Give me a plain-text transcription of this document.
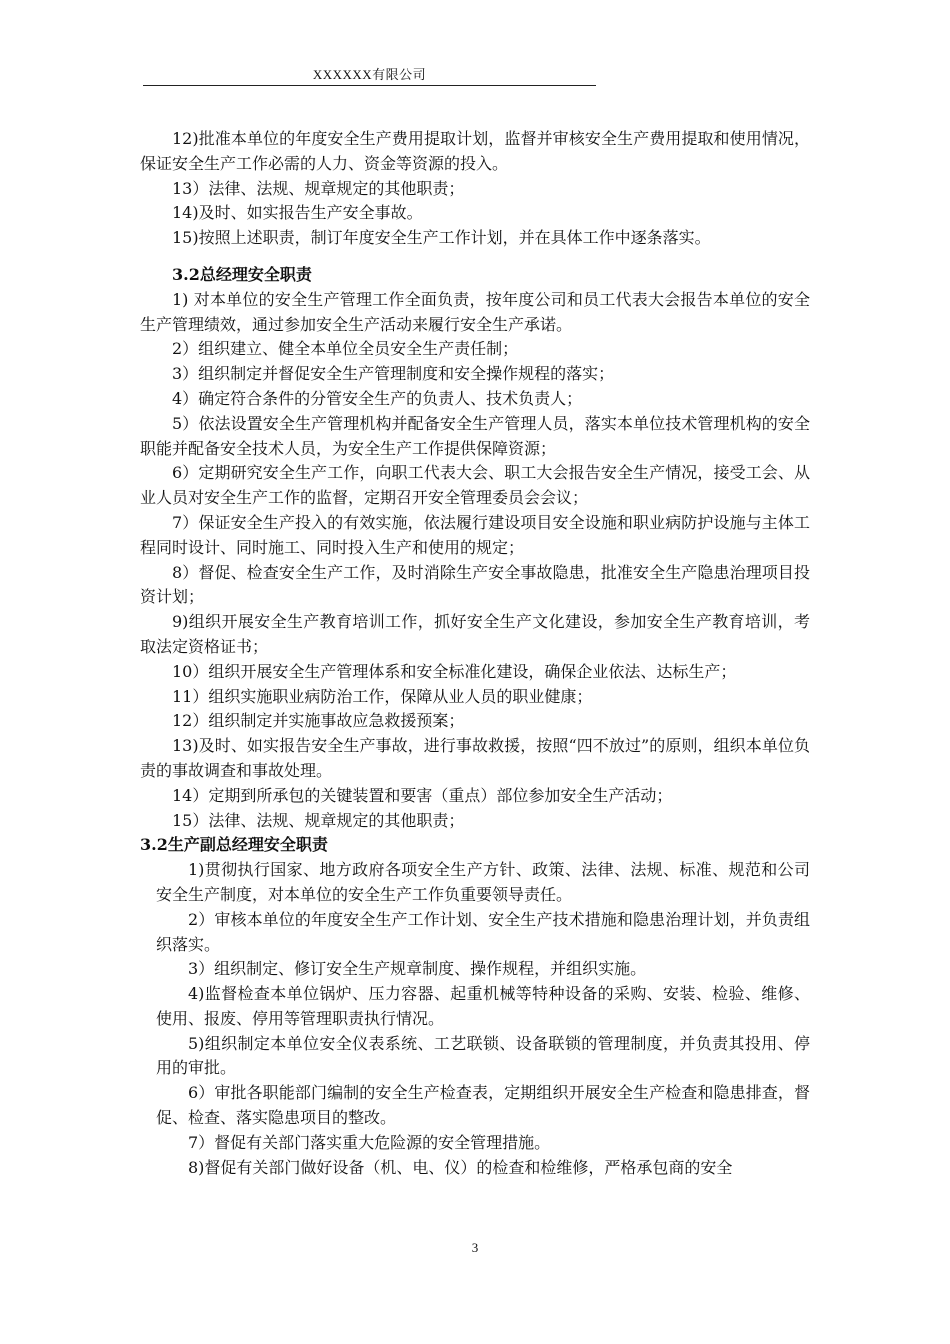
XXXXXX有限公司

12)批准本单位的年度安全生产费用提取计划，监督并审核安全生产费用提取和使用情况，保证安全生产工作必需的人力、资金等资源的投入。

13）法律、法规、规章规定的其他职责；

14)及时、如实报告生产安全事故。

15)按照上述职责，制订年度安全生产工作计划，并在具体工作中逐条落实。

3.2总经理安全职责

1) 对本单位的安全生产管理工作全面负责，按年度公司和员工代表大会报告本单位的安全生产管理绩效，通过参加安全生产活动来履行安全生产承诺。

2）组织建立、健全本单位全员安全生产责任制；

3）组织制定并督促安全生产管理制度和安全操作规程的落实；

4）确定符合条件的分管安全生产的负责人、技术负责人；

5）依法设置安全生产管理机构并配备安全生产管理人员，落实本单位技术管理机构的安全职能并配备安全技术人员，为安全生产工作提供保障资源；

6）定期研究安全生产工作，向职工代表大会、职工大会报告安全生产情况，接受工会、从业人员对安全生产工作的监督，定期召开安全管理委员会会议；

7）保证安全生产投入的有效实施，依法履行建设项目安全设施和职业病防护设施与主体工程同时设计、同时施工、同时投入生产和使用的规定；

8）督促、检查安全生产工作，及时消除生产安全事故隐患，批准安全生产隐患治理项目投资计划；

9)组织开展安全生产教育培训工作，抓好安全生产文化建设，参加安全生产教育培训，考取法定资格证书；

10）组织开展安全生产管理体系和安全标准化建设，确保企业依法、达标生产；

11）组织实施职业病防治工作，保障从业人员的职业健康；

12）组织制定并实施事故应急救援预案；

13)及时、如实报告安全生产事故，进行事故救援，按照“四不放过”的原则，组织本单位负责的事故调查和事故处理。

14）定期到所承包的关键装置和要害（重点）部位参加安全生产活动；

15）法律、法规、规章规定的其他职责；

3.2生产副总经理安全职责

1)贯彻执行国家、地方政府各项安全生产方针、政策、法律、法规、标准、规范和公司安全生产制度，对本单位的安全生产工作负重要领导责任。

2）审核本单位的年度安全生产工作计划、安全生产技术措施和隐患治理计划，并负责组织落实。

3）组织制定、修订安全生产规章制度、操作规程，并组织实施。

4)监督检查本单位锅炉、压力容器、起重机械等特种设备的采购、安装、检验、维修、使用、报废、停用等管理职责执行情况。

5)组织制定本单位安全仪表系统、工艺联锁、设备联锁的管理制度，并负责其投用、停用的审批。

6）审批各职能部门编制的安全生产检查表，定期组织开展安全生产检查和隐患排查，督促、检查、落实隐患项目的整改。

7）督促有关部门落实重大危险源的安全管理措施。

8)督促有关部门做好设备（机、电、仪）的检查和检维修，严格承包商的安全

3
